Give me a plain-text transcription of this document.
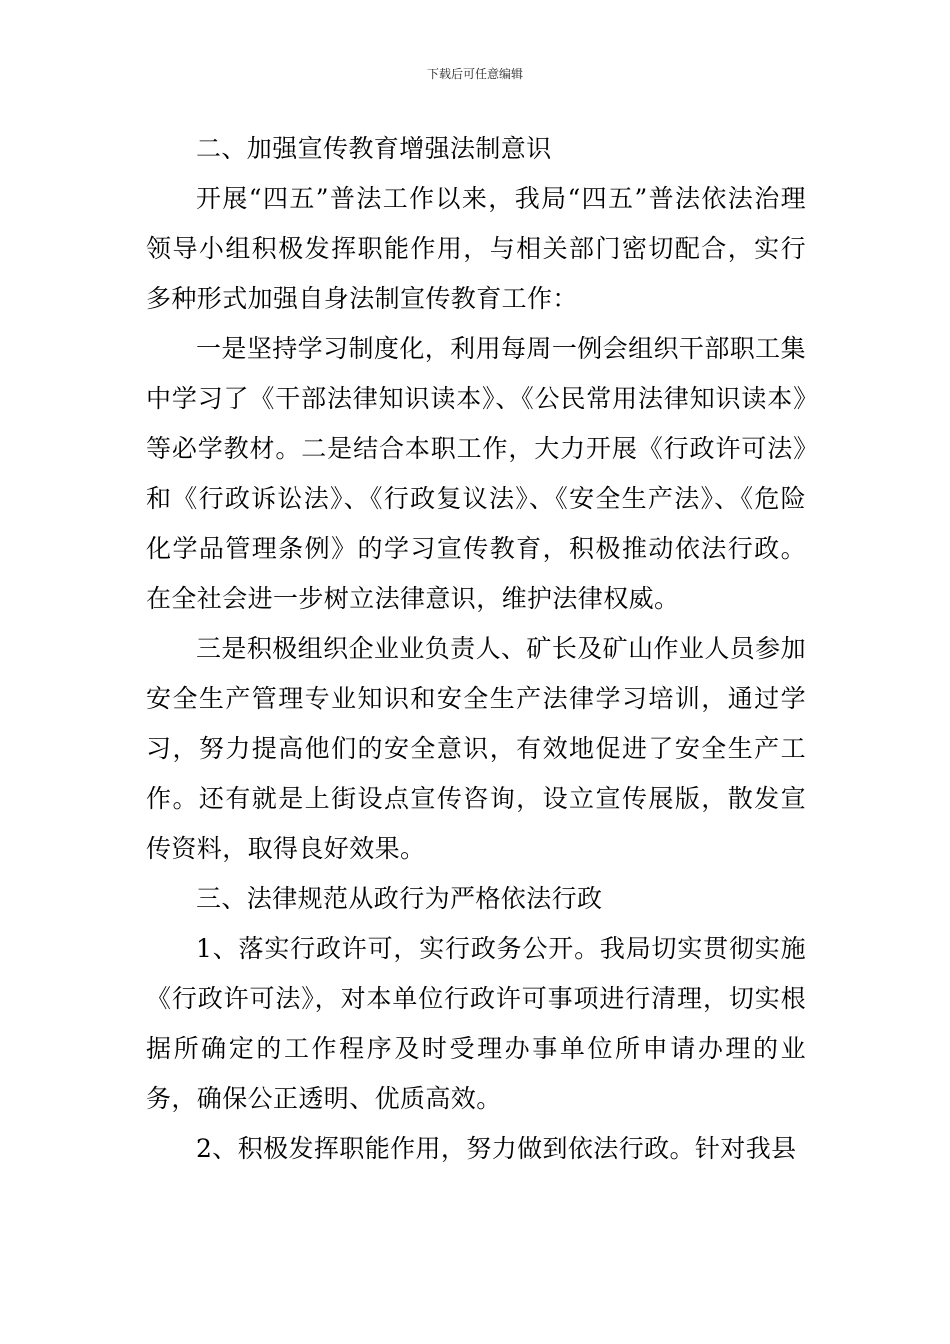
下载后可任意编辑

二、加强宣传教育增强法制意识

开展“四五”普法工作以来，我局“四五”普法依法治理领导小组积极发挥职能作用，与相关部门密切配合，实行多种形式加强自身法制宣传教育工作：

一是坚持学习制度化，利用每周一例会组织干部职工集中学习了《干部法律知识读本》、《公民常用法律知识读本》等必学教材。二是结合本职工作，大力开展《行政许可法》和《行政诉讼法》、《行政复议法》、《安全生产法》、《危险化学品管理条例》的学习宣传教育，积极推动依法行政。在全社会进一步树立法律意识，维护法律权威。

三是积极组织企业业负责人、矿长及矿山作业人员参加安全生产管理专业知识和安全生产法律学习培训，通过学习，努力提高他们的安全意识，有效地促进了安全生产工作。还有就是上街设点宣传咨询，设立宣传展版，散发宣传资料，取得良好效果。

三、法律规范从政行为严格依法行政

1、落实行政许可，实行政务公开。我局切实贯彻实施《行政许可法》，对本单位行政许可事项进行清理，切实根据所确定的工作程序及时受理办事单位所申请办理的业务，确保公正透明、优质高效。

2、积极发挥职能作用，努力做到依法行政。针对我县
